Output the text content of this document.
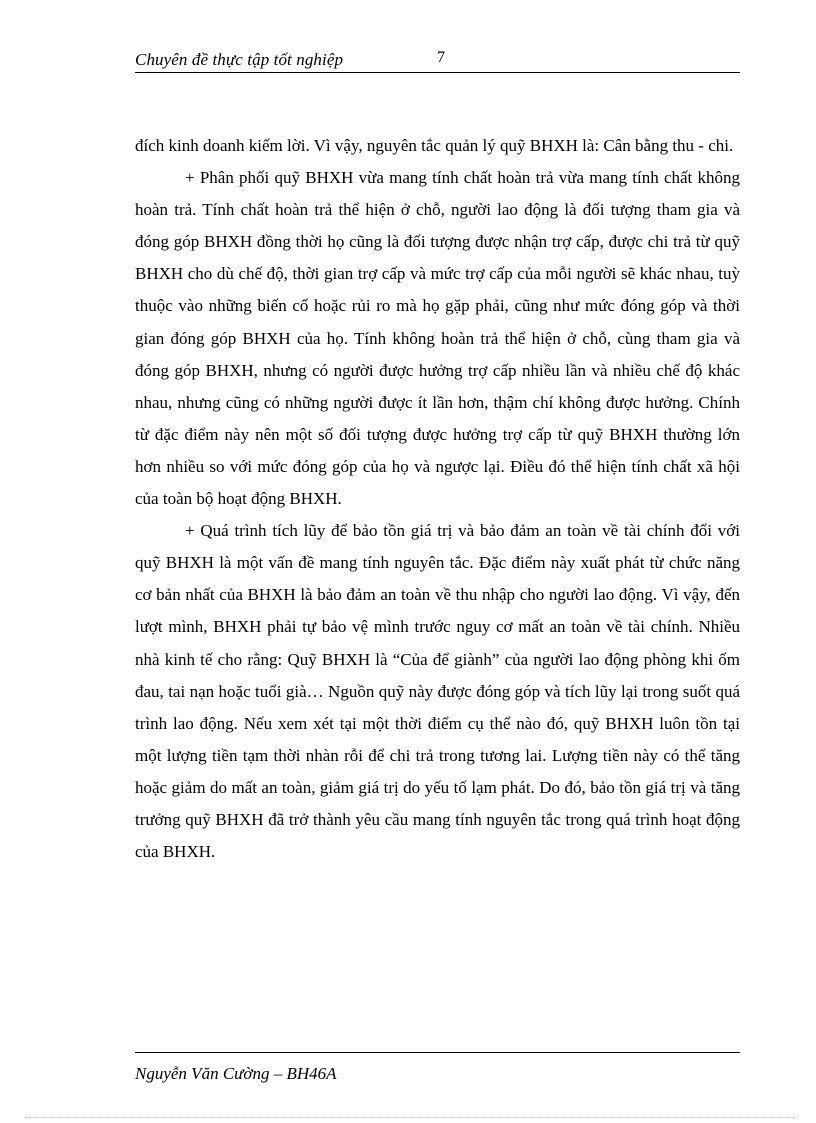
Chuyên đề thực tập tốt nghiệp	7

đích kinh doanh kiếm lời. Vì vậy, nguyên tắc quản lý quỹ BHXH là: Cân bằng thu - chi.

+ Phân phối quỹ BHXH vừa mang tính chất hoàn trả vừa mang tính chất không hoàn trả. Tính chất hoàn trả thể hiện ở chỗ, người lao động là đối tượng tham gia và đóng góp BHXH đồng thời họ cũng là đối tượng được nhận trợ cấp, được chi trả từ quỹ BHXH cho dù chế độ, thời gian trợ cấp và mức trợ cấp của mỗi người sẽ khác nhau, tuỳ thuộc vào những biến cố hoặc rủi ro mà họ gặp phải, cũng như mức đóng góp và thời gian đóng góp BHXH của họ. Tính không hoàn trả thể hiện ở chỗ, cùng tham gia và đóng góp BHXH, nhưng có người được hưởng trợ cấp nhiều lần và nhiều chế độ khác nhau, nhưng cũng có những người được ít lần hơn, thậm chí không được hưởng. Chính từ đặc điểm này nên một số đối tượng được hưởng trợ cấp từ quỹ BHXH thường lớn hơn nhiều so với mức đóng góp của họ và ngược lại. Điều đó thể hiện tính chất xã hội của toàn bộ hoạt động BHXH.

+ Quá trình tích lũy để bảo tồn giá trị và bảo đảm an toàn về tài chính đối với quỹ BHXH là một vấn đề mang tính nguyên tắc. Đặc điểm này xuất phát từ chức năng cơ bản nhất của BHXH là bảo đảm an toàn về thu nhập cho người lao động. Vì vậy, đến lượt mình, BHXH phải tự bảo vệ mình trước nguy cơ mất an toàn về tài chính. Nhiều nhà kinh tế cho rằng: Quỹ BHXH là “Của để giành” của người lao động phòng khi ốm đau, tai nạn hoặc tuổi già… Nguồn quỹ này được đóng góp và tích lũy lại trong suốt quá trình lao động. Nếu xem xét tại một thời điểm cụ thể nào đó, quỹ BHXH luôn tồn tại một lượng tiền tạm thời nhàn rỗi để chi trả trong tương lai. Lượng tiền này có thể tăng hoặc giảm do mất an toàn, giảm giá trị do yếu tố lạm phát. Do đó, bảo tồn giá trị và tăng trưởng quỹ BHXH đã trở thành yêu cầu mang tính nguyên tắc trong quá trình hoạt động của BHXH.

Nguyễn Văn Cường – BH46A
